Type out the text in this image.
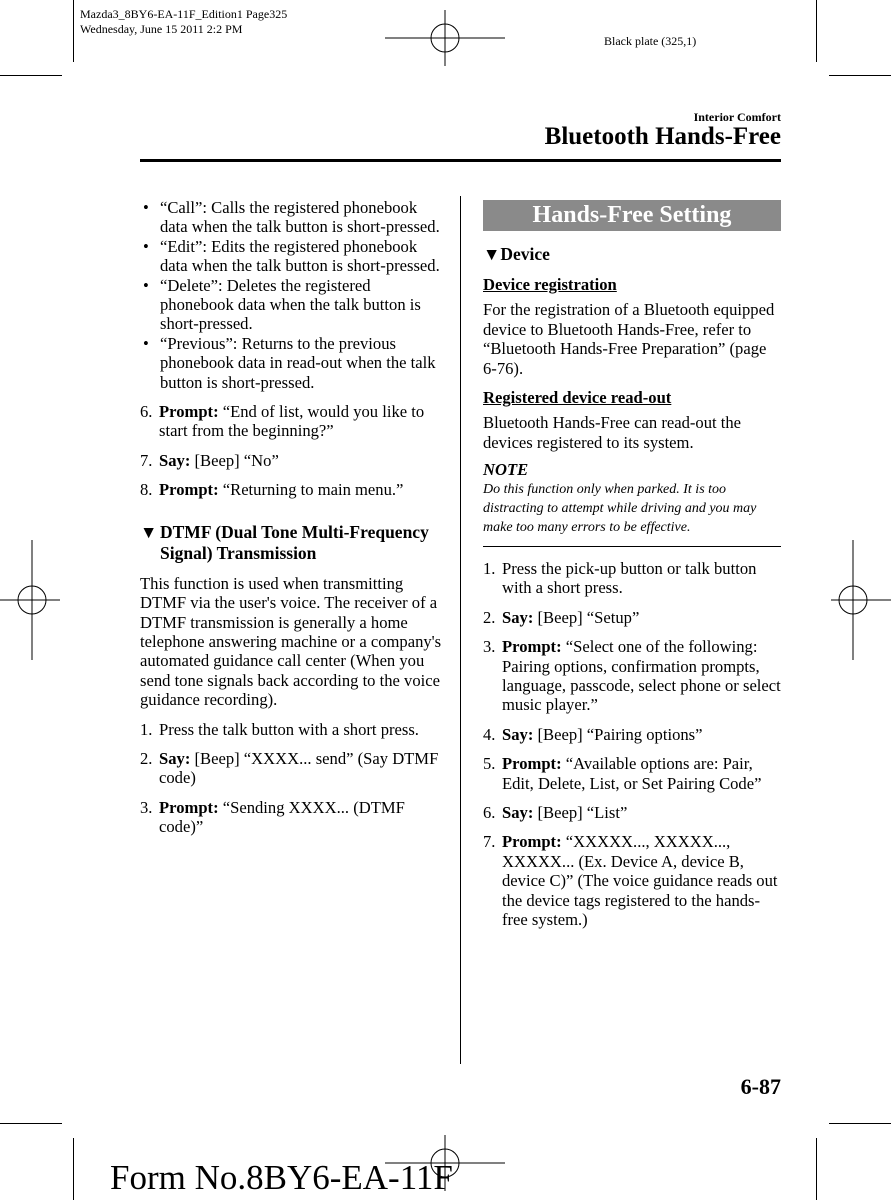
Mazda3_8BY6-EA-11F_Edition1 Page325
Wednesday, June 15 2011 2:2 PM
Black plate (325,1)
Interior Comfort
Bluetooth Hands-Free
• “Call”: Calls the registered phonebook data when the talk button is short-pressed.
• “Edit”: Edits the registered phonebook data when the talk button is short-pressed.
• “Delete”: Deletes the registered phonebook data when the talk button is short-pressed.
• “Previous”: Returns to the previous phonebook data in read-out when the talk button is short-pressed.
6. Prompt: “End of list, would you like to start from the beginning?”
7. Say: [Beep] “No”
8. Prompt: “Returning to main menu.”
▼ DTMF (Dual Tone Multi-Frequency Signal) Transmission

This function is used when transmitting DTMF via the user's voice. The receiver of a DTMF transmission is generally a home telephone answering machine or a company's automated guidance call center (When you send tone signals back according to the voice guidance recording).

1. Press the talk button with a short press.
2. Say: [Beep] “XXXX... send” (Say DTMF code)
3. Prompt: “Sending XXXX... (DTMF code)”
Hands-Free Setting
▼Device

Device registration

For the registration of a Bluetooth equipped device to Bluetooth Hands-Free, refer to “Bluetooth Hands-Free Preparation” (page 6-76).

Registered device read-out

Bluetooth Hands-Free can read-out the devices registered to its system.

NOTE

Do this function only when parked. It is too distracting to attempt while driving and you may make too many errors to be effective.

1. Press the pick-up button or talk button with a short press.
2. Say: [Beep] “Setup”
3. Prompt: “Select one of the following: Pairing options, confirmation prompts, language, passcode, select phone or select music player.”
4. Say: [Beep] “Pairing options”
5. Prompt: “Available options are: Pair, Edit, Delete, List, or Set Pairing Code”
6. Say: [Beep] “List”
7. Prompt: “XXXXX..., XXXXX..., XXXXX... (Ex. Device A, device B, device C)” (The voice guidance reads out the device tags registered to the hands-free system.)
6-87
Form No.8BY6-EA-11F
